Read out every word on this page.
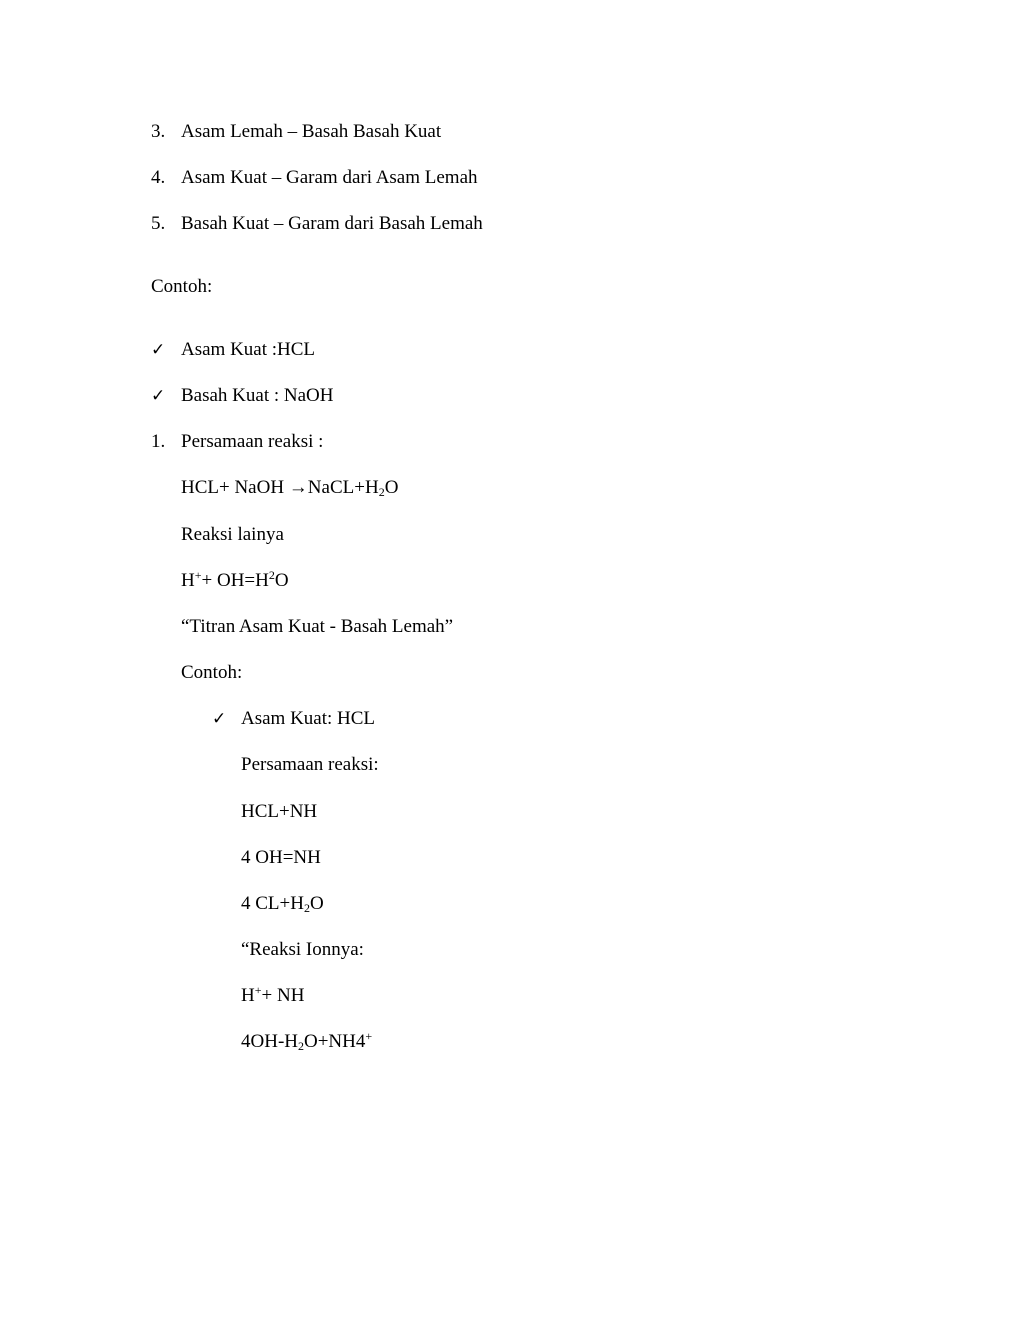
3. Asam Lemah – Basah Basah Kuat
4. Asam Kuat – Garam dari Asam Lemah
5. Basah Kuat – Garam dari Basah Lemah
Contoh:
✓ Asam Kuat :HCL
✓ Basah Kuat : NaOH
1. Persamaan reaksi :
HCL+ NaOH $\to NaCL+H_2O$
Reaksi lainya
$H^++ OH=H^2O$
“Titran Asam Kuat - Basah Lemah”
Contoh:
✓ Asam Kuat: HCL
Persamaan reaksi:
HCL+NH
4 OH=NH
4 $CL+H_2O$
“Reaksi Ionnya:
H++ NH
$4OH-H_2O+NH4^+$
